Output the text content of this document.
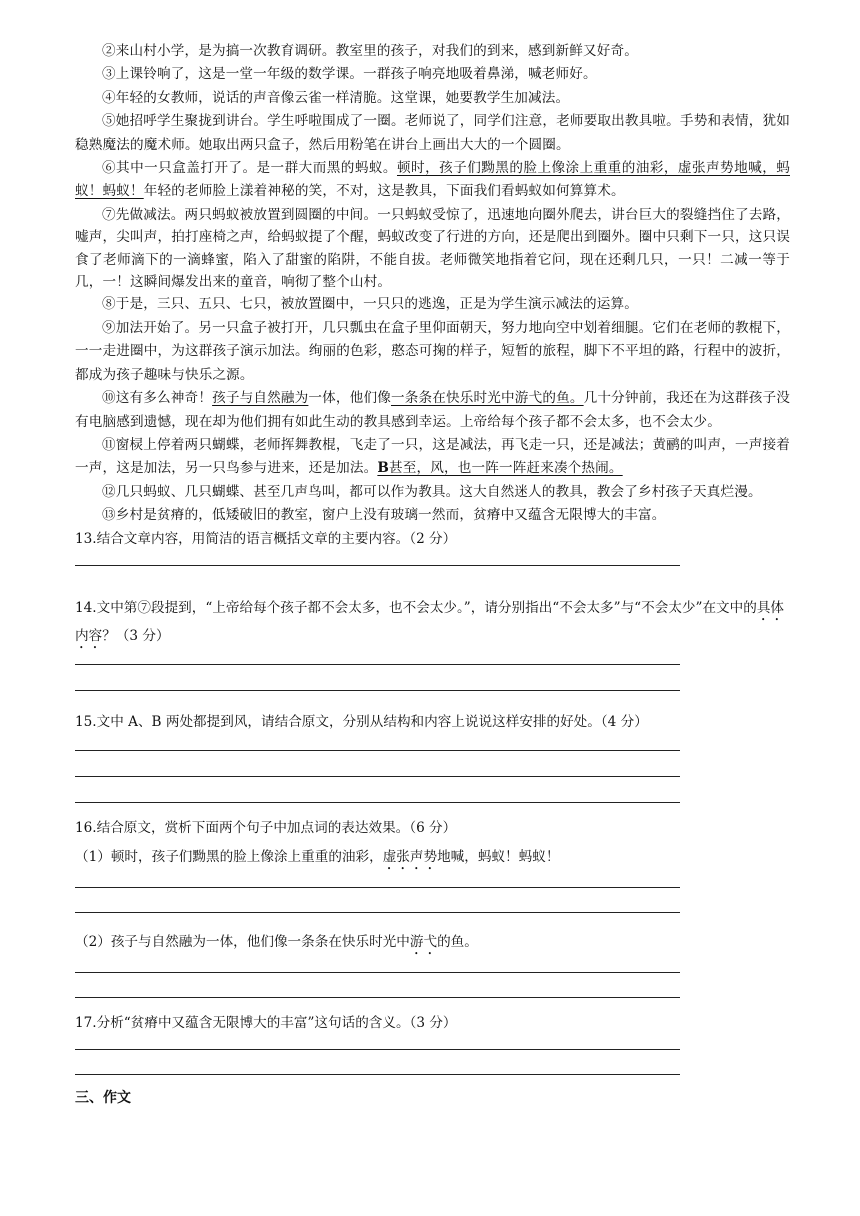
②来山村小学，是为搞一次教育调研。教室里的孩子，对我们的到来，感到新鲜又好奇。

③上课铃响了，这是一堂一年级的数学课。一群孩子响亮地吸着鼻涕，喊老师好。

④年轻的女教师，说话的声音像云雀一样清脆。这堂课，她要教学生加减法。

⑤她招呼学生聚拢到讲台。学生呼啦围成了一圈。老师说了，同学们注意，老师要取出教具啦。手势和表情，犹如稳熟魔法的魔术师。她取出两只盒子，然后用粉笔在讲台上画出大大的一个圆圈。

⑥其中一只盒盖打开了。是一群大而黑的蚂蚁。顿时，孩子们黝黑的脸上像涂上重重的油彩，虚张声势地喊，蚂蚁！蚂蚁！年轻的老师脸上漾着神秘的笑，不对，这是教具，下面我们看蚂蚁如何算算术。

⑦先做减法。两只蚂蚁被放置到圆圈的中间。一只蚂蚁受惊了，迅速地向圈外爬去，讲台巨大的裂缝挡住了去路，嘘声，尖叫声，拍打座椅之声，给蚂蚁提了个醒，蚂蚁改变了行进的方向，还是爬出到圈外。圈中只剩下一只，这只误食了老师滴下的一滴蜂蜜，陷入了甜蜜的陷阱，不能自拔。老师微笑地指着它问，现在还剩几只，一只！二减一等于几，一！这瞬间爆发出来的童音，响彻了整个山村。

⑧于是，三只、五只、七只，被放置圈中，一只只的逃逸，正是为学生演示减法的运算。

⑨加法开始了。另一只盒子被打开，几只瓢虫在盒子里仰面朝天，努力地向空中划着细腿。它们在老师的教棍下，一一走进圈中，为这群孩子演示加法。绚丽的色彩，憨态可掬的样子，短暂的旅程，脚下不平坦的路，行程中的波折，都成为孩子趣味与快乐之源。

⑩这有多么神奇！孩子与自然融为一体，他们像一条条在快乐时光中游弋的鱼。几十分钟前，我还在为这群孩子没有电脑感到遗憾，现在却为他们拥有如此生动的教具感到幸运。上帝给每个孩子都不会太多，也不会太少。

⑪窗棂上停着两只蝴蝶，老师挥舞教棍，飞走了一只，这是减法，再飞走一只，还是减法；黄鹂的叫声，一声接着一声，这是加法，另一只鸟参与进来，还是加法。B甚至，风，也一阵一阵赶来凑个热闹。

⑫几只蚂蚁、几只蝴蝶、甚至几声鸟叫，都可以作为教具。这大自然迷人的教具，教会了乡村孩子天真烂漫。

⑬乡村是贫瘠的，低矮破旧的教室，窗户上没有玻璃一然而，贫瘠中又蕴含无限博大的丰富。

13.结合文章内容，用简洁的语言概括文章的主要内容。（2 分）

14.文中第⑦段提到，“上帝给每个孩子都不会太多，也不会太少。”，请分别指出“不会太多”与“不会太少”在文中的具体内容？（3 分）

15.文中 A、B 两处都提到风，请结合原文，分别从结构和内容上说说这样安排的好处。（4 分）

16.结合原文，赏析下面两个句子中加点词的表达效果。（6 分）

（1）顿时，孩子们黝黑的脸上像涂上重重的油彩，虚张声势地喊，蚂蚁！蚂蚁！

（2）孩子与自然融为一体，他们像一条条在快乐时光中游弋的鱼。

17.分析“贫瘠中又蕴含无限博大的丰富”这句话的含义。（3 分）

三、作文
